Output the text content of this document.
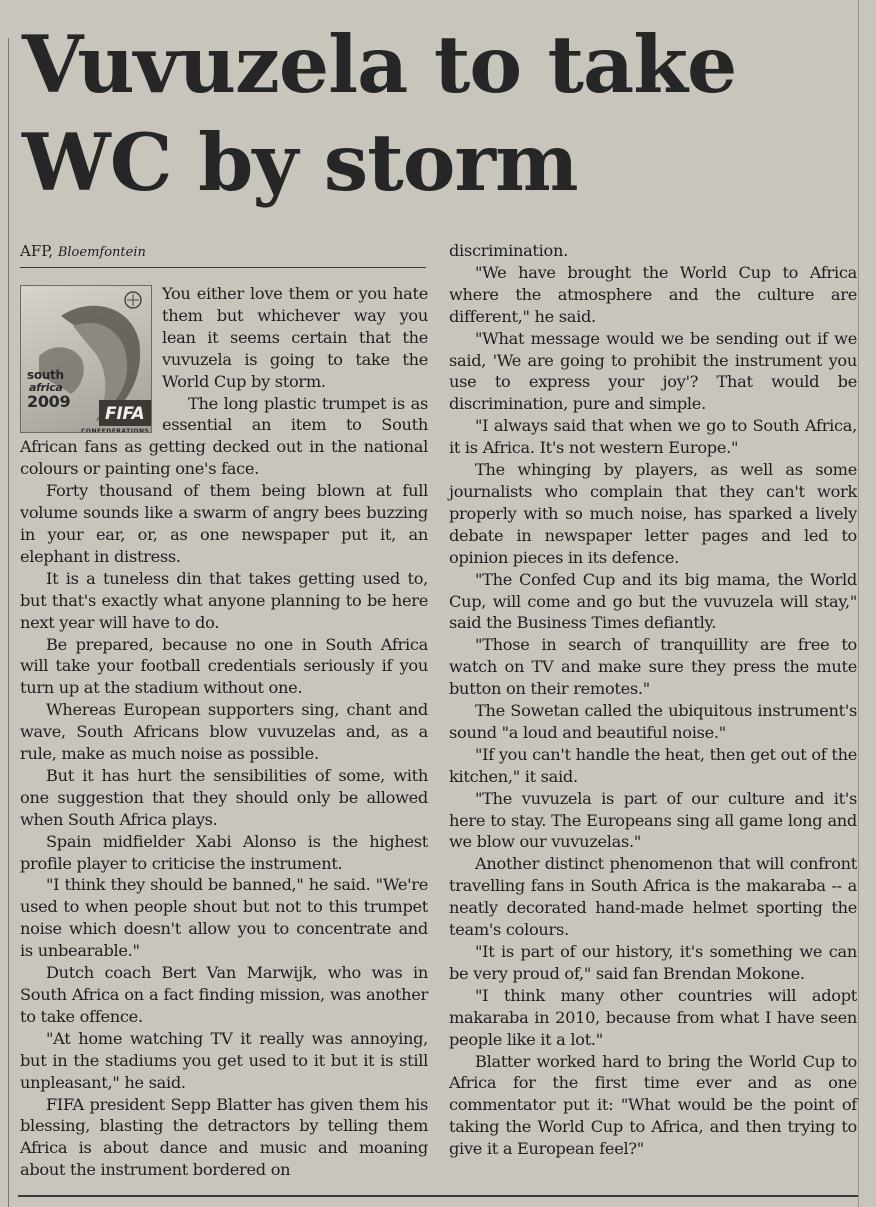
Vuvuzela to take WC by storm
AFP, Bloemfontein
south
africa
2009
FIFA
CONFEDERATIONS

You either love them or you hate them but whichever way you lean it seems certain that the vuvuzela is going to take the World Cup by storm.

The long plastic trumpet is as essential an item to South African fans as getting decked out in the national colours or painting one's face.

Forty thousand of them being blown at full volume sounds like a swarm of angry bees buzzing in your ear, or, as one newspaper put it, an elephant in distress.

It is a tuneless din that takes getting used to, but that's exactly what anyone planning to be here next year will have to do.

Be prepared, because no one in South Africa will take your football credentials seriously if you turn up at the stadium without one.

Whereas European supporters sing, chant and wave, South Africans blow vuvuzelas and, as a rule, make as much noise as possible.

But it has hurt the sensibilities of some, with one suggestion that they should only be allowed when South Africa plays.

Spain midfielder Xabi Alonso is the highest profile player to criticise the instrument.

"I think they should be banned," he said. "We're used to when people shout but not to this trumpet noise which doesn't allow you to concentrate and is unbearable."

Dutch coach Bert Van Marwijk, who was in South Africa on a fact finding mission, was another to take offence.

"At home watching TV it really was annoying, but in the stadiums you get used to it but it is still unpleasant," he said.

FIFA president Sepp Blatter has given them his blessing, blasting the detractors by telling them Africa is about dance and music and moaning about the instrument bordered on

discrimination.

"We have brought the World Cup to Africa where the atmosphere and the culture are different," he said.

"What message would we be sending out if we said, 'We are going to prohibit the instrument you use to express your joy'? That would be discrimination, pure and simple.

"I always said that when we go to South Africa, it is Africa. It's not western Europe."

The whinging by players, as well as some journalists who complain that they can't work properly with so much noise, has sparked a lively debate in newspaper letter pages and led to opinion pieces in its defence.

"The Confed Cup and its big mama, the World Cup, will come and go but the vuvuzela will stay," said the Business Times defiantly.

"Those in search of tranquillity are free to watch on TV and make sure they press the mute button on their remotes."

The Sowetan called the ubiquitous instrument's sound "a loud and beautiful noise."

"If you can't handle the heat, then get out of the kitchen," it said.

"The vuvuzela is part of our culture and it's here to stay. The Europeans sing all game long and we blow our vuvuzelas."

Another distinct phenomenon that will confront travelling fans in South Africa is the makaraba -- a neatly decorated hand-made helmet sporting the team's colours.

"It is part of our history, it's something we can be very proud of," said fan Brendan Mokone.

"I think many other countries will adopt makaraba in 2010, because from what I have seen people like it a lot."

Blatter worked hard to bring the World Cup to Africa for the first time ever and as one commentator put it: "What would be the point of taking the World Cup to Africa, and then trying to give it a European feel?"
